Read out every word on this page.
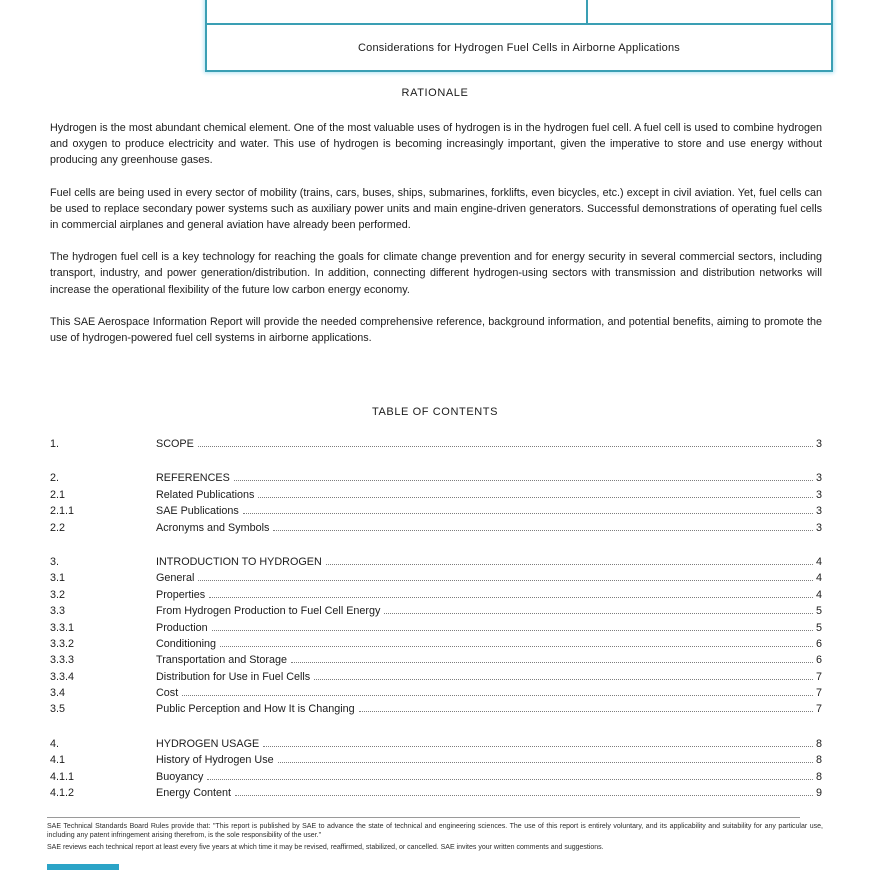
Considerations for Hydrogen Fuel Cells in Airborne Applications
RATIONALE

Hydrogen is the most abundant chemical element. One of the most valuable uses of hydrogen is in the hydrogen fuel cell. A fuel cell is used to combine hydrogen and oxygen to produce electricity and water. This use of hydrogen is becoming increasingly important, given the imperative to store and use energy without producing any greenhouse gases.

Fuel cells are being used in every sector of mobility (trains, cars, buses, ships, submarines, forklifts, even bicycles, etc.) except in civil aviation. Yet, fuel cells can be used to replace secondary power systems such as auxiliary power units and main engine-driven generators. Successful demonstrations of operating fuel cells in commercial airplanes and general aviation have already been performed.

The hydrogen fuel cell is a key technology for reaching the goals for climate change prevention and for energy security in several commercial sectors, including transport, industry, and power generation/distribution. In addition, connecting different hydrogen-using sectors with transmission and distribution networks will increase the operational flexibility of the future low carbon energy economy.

This SAE Aerospace Information Report will provide the needed comprehensive reference, background information, and potential benefits, aiming to promote the use of hydrogen-powered fuel cell systems in airborne applications.

TABLE OF CONTENTS
1.	SCOPE	3
2.	REFERENCES	3
2.1	Related Publications	3
2.1.1	SAE Publications	3
2.2	Acronyms and Symbols	3
3.	INTRODUCTION TO HYDROGEN	4
3.1	General	4
3.2	Properties	4
3.3	From Hydrogen Production to Fuel Cell Energy	5
3.3.1	Production	5
3.3.2	Conditioning	6
3.3.3	Transportation and Storage	6
3.3.4	Distribution for Use in Fuel Cells	7
3.4	Cost	7
3.5	Public Perception and How It is Changing	7
4.	HYDROGEN USAGE	8
4.1	History of Hydrogen Use	8
4.1.1	Buoyancy	8
4.1.2	Energy Content	9

SAE Technical Standards Board Rules provide that: "This report is published by SAE to advance the state of technical and engineering sciences. The use of this report is entirely voluntary, and its applicability and suitability for any particular use, including any patent infringement arising therefrom, is the sole responsibility of the user."

SAE reviews each technical report at least every five years at which time it may be revised, reaffirmed, stabilized, or cancelled. SAE invites your written comments and suggestions.
